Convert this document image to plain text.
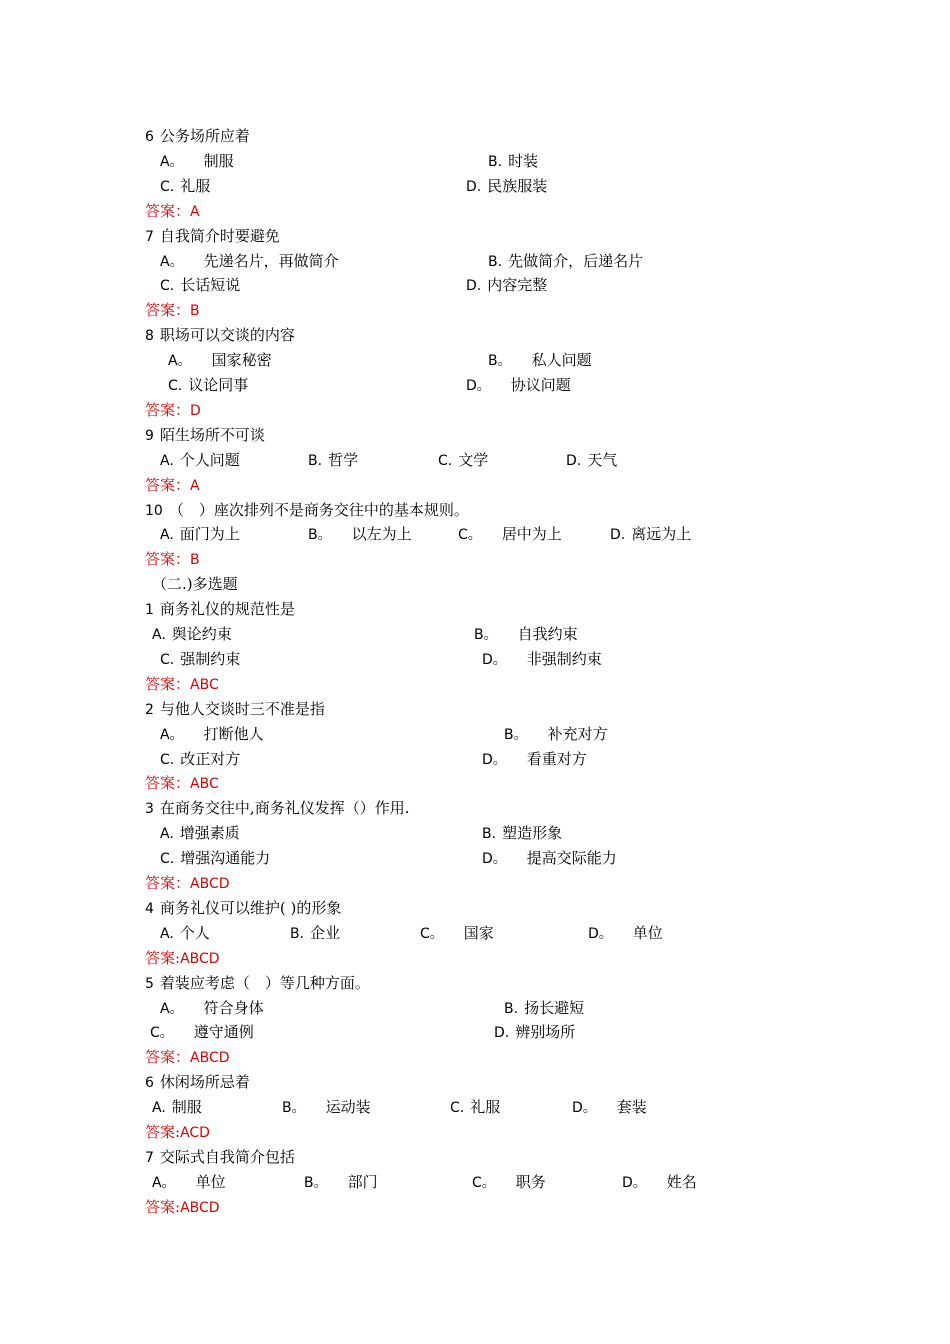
6 公务场所应着
A。 制服	B. 时装
C. 礼服	D. 民族服装
答案：A
7 自我简介时要避免
A。 先递名片，再做简介	B. 先做简介，后递名片
C. 长话短说	D. 内容完整
答案：B
8 职场可以交谈的内容
A。 国家秘密	B。 私人问题
C. 议论同事	D。 协议问题
答案：D
9 陌生场所不可谈
A. 个人问题	B. 哲学	C. 文学	D. 天气
答案：A
10 （　）座次排列不是商务交往中的基本规则。
A. 面门为上	B。 以左为上	C。 居中为上	D. 离远为上
答案：B
（二.)多选题
1 商务礼仪的规范性是
A. 舆论约束	B。 自我约束
C. 强制约束	D。 非强制约束
答案：ABC
2 与他人交谈时三不准是指
A。 打断他人	B。 补充对方
C. 改正对方	D。 看重对方
答案：ABC
3 在商务交往中,商务礼仪发挥（）作用.
A. 增强素质	B. 塑造形象
C. 增强沟通能力	D。 提高交际能力
答案：ABCD
4 商务礼仪可以维护( )的形象
A. 个人	B. 企业	C。 国家	D。 单位
答案:ABCD
5 着装应考虑（　）等几种方面。
A。 符合身体	B. 扬长避短
C。 遵守通例	D. 辨别场所
答案：ABCD
6 休闲场所忌着
A. 制服	B。 运动装	C. 礼服	D。 套装
答案:ACD
7 交际式自我简介包括
A。 单位	B。 部门	C。 职务	D。 姓名
答案:ABCD
